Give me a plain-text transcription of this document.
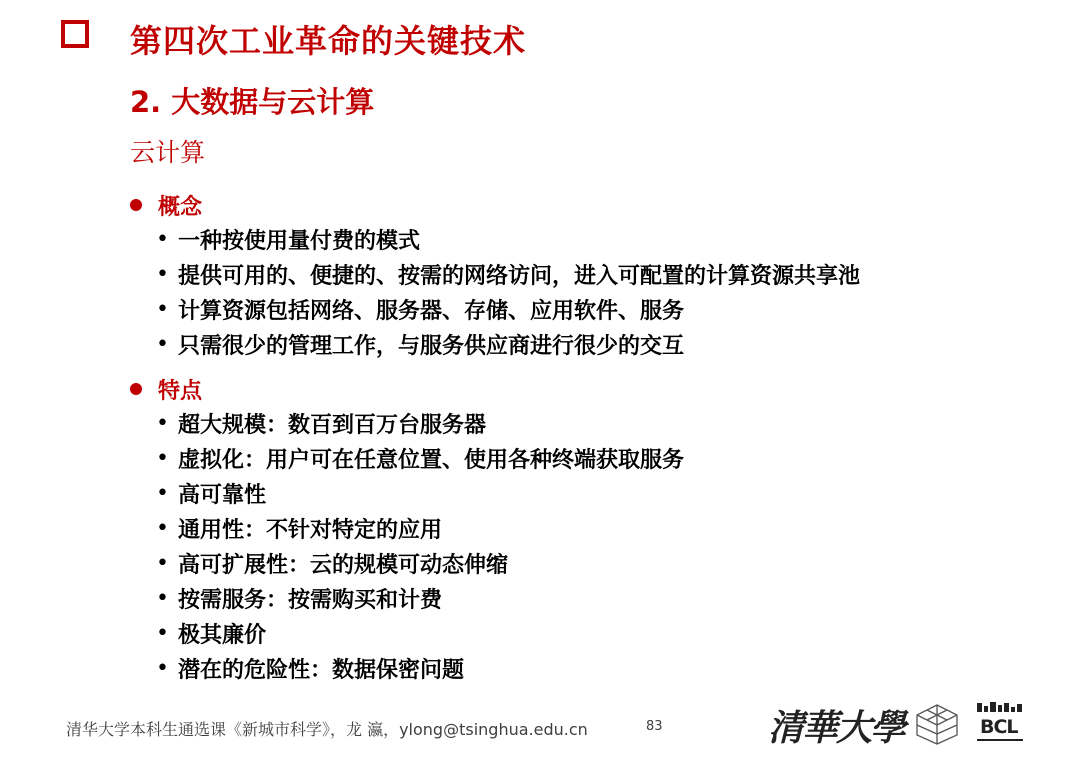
第四次工业革命的关键技术
2. 大数据与云计算
云计算
概念
• 一种按使用量付费的模式
• 提供可用的、便捷的、按需的网络访问，进入可配置的计算资源共享池
• 计算资源包括网络、服务器、存储、应用软件、服务
• 只需很少的管理工作，与服务供应商进行很少的交互
特点
• 超大规模：数百到百万台服务器
• 虚拟化：用户可在任意位置、使用各种终端获取服务
• 高可靠性
• 通用性：不针对特定的应用
• 高可扩展性：云的规模可动态伸缩
• 按需服务：按需购买和计费
• 极其廉价
• 潜在的危险性：数据保密问题
清华大学本科生通选课《新城市科学》，龙 瀛，ylong@tsinghua.edu.cn	83	清華大學	BCL
